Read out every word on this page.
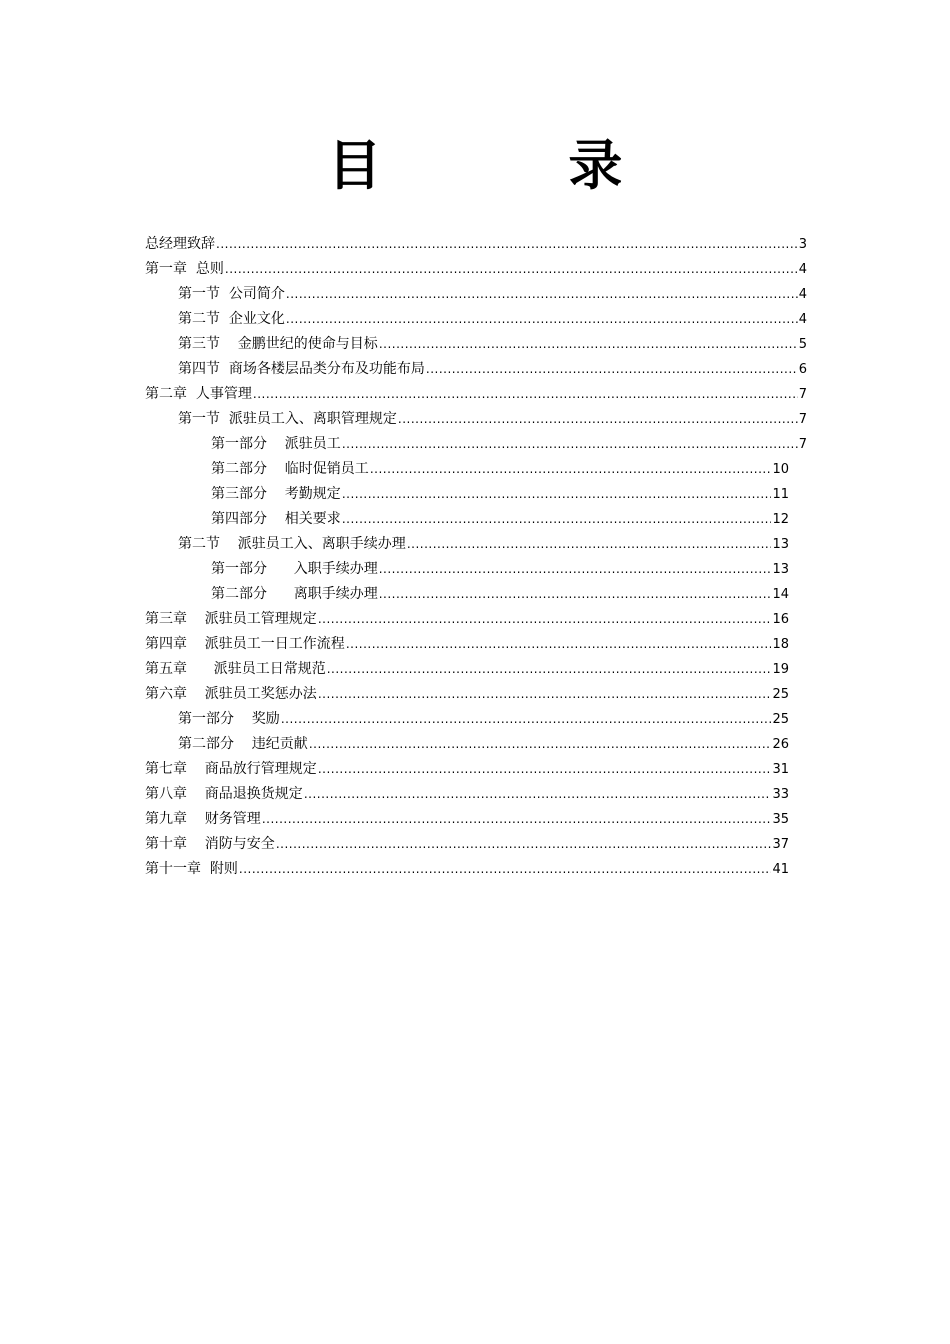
目 录
总经理致辞 .....	3
第一章  总则 .....	4
第一节  公司简介 .....	4
第二节  企业文化 .....	4
第三节    金鹏世纪的使命与目标 .....	5
第四节  商场各楼层品类分布及功能布局 .....	6
第二章  人事管理 .....	7
第一节  派驻员工入、离职管理规定 .....	7
第一部分    派驻员工 .....	7
第二部分    临时促销员工 .....	10
第三部分    考勤规定 .....	11
第四部分    相关要求 .....	12
第二节    派驻员工入、离职手续办理 .....	13
第一部分      入职手续办理 .....	13
第二部分      离职手续办理 .....	14
第三章    派驻员工管理规定 .....	16
第四章    派驻员工一日工作流程 .....	18
第五章      派驻员工日常规范 .....	19
第六章    派驻员工奖惩办法 .....	25
第一部分    奖励 .....	25
第二部分    违纪贡献 .....	26
第七章    商品放行管理规定 .....	31
第八章    商品退换货规定 .....	33
第九章    财务管理 .....	35
第十章    消防与安全 .....	37
第十一章  附则 .....	41
